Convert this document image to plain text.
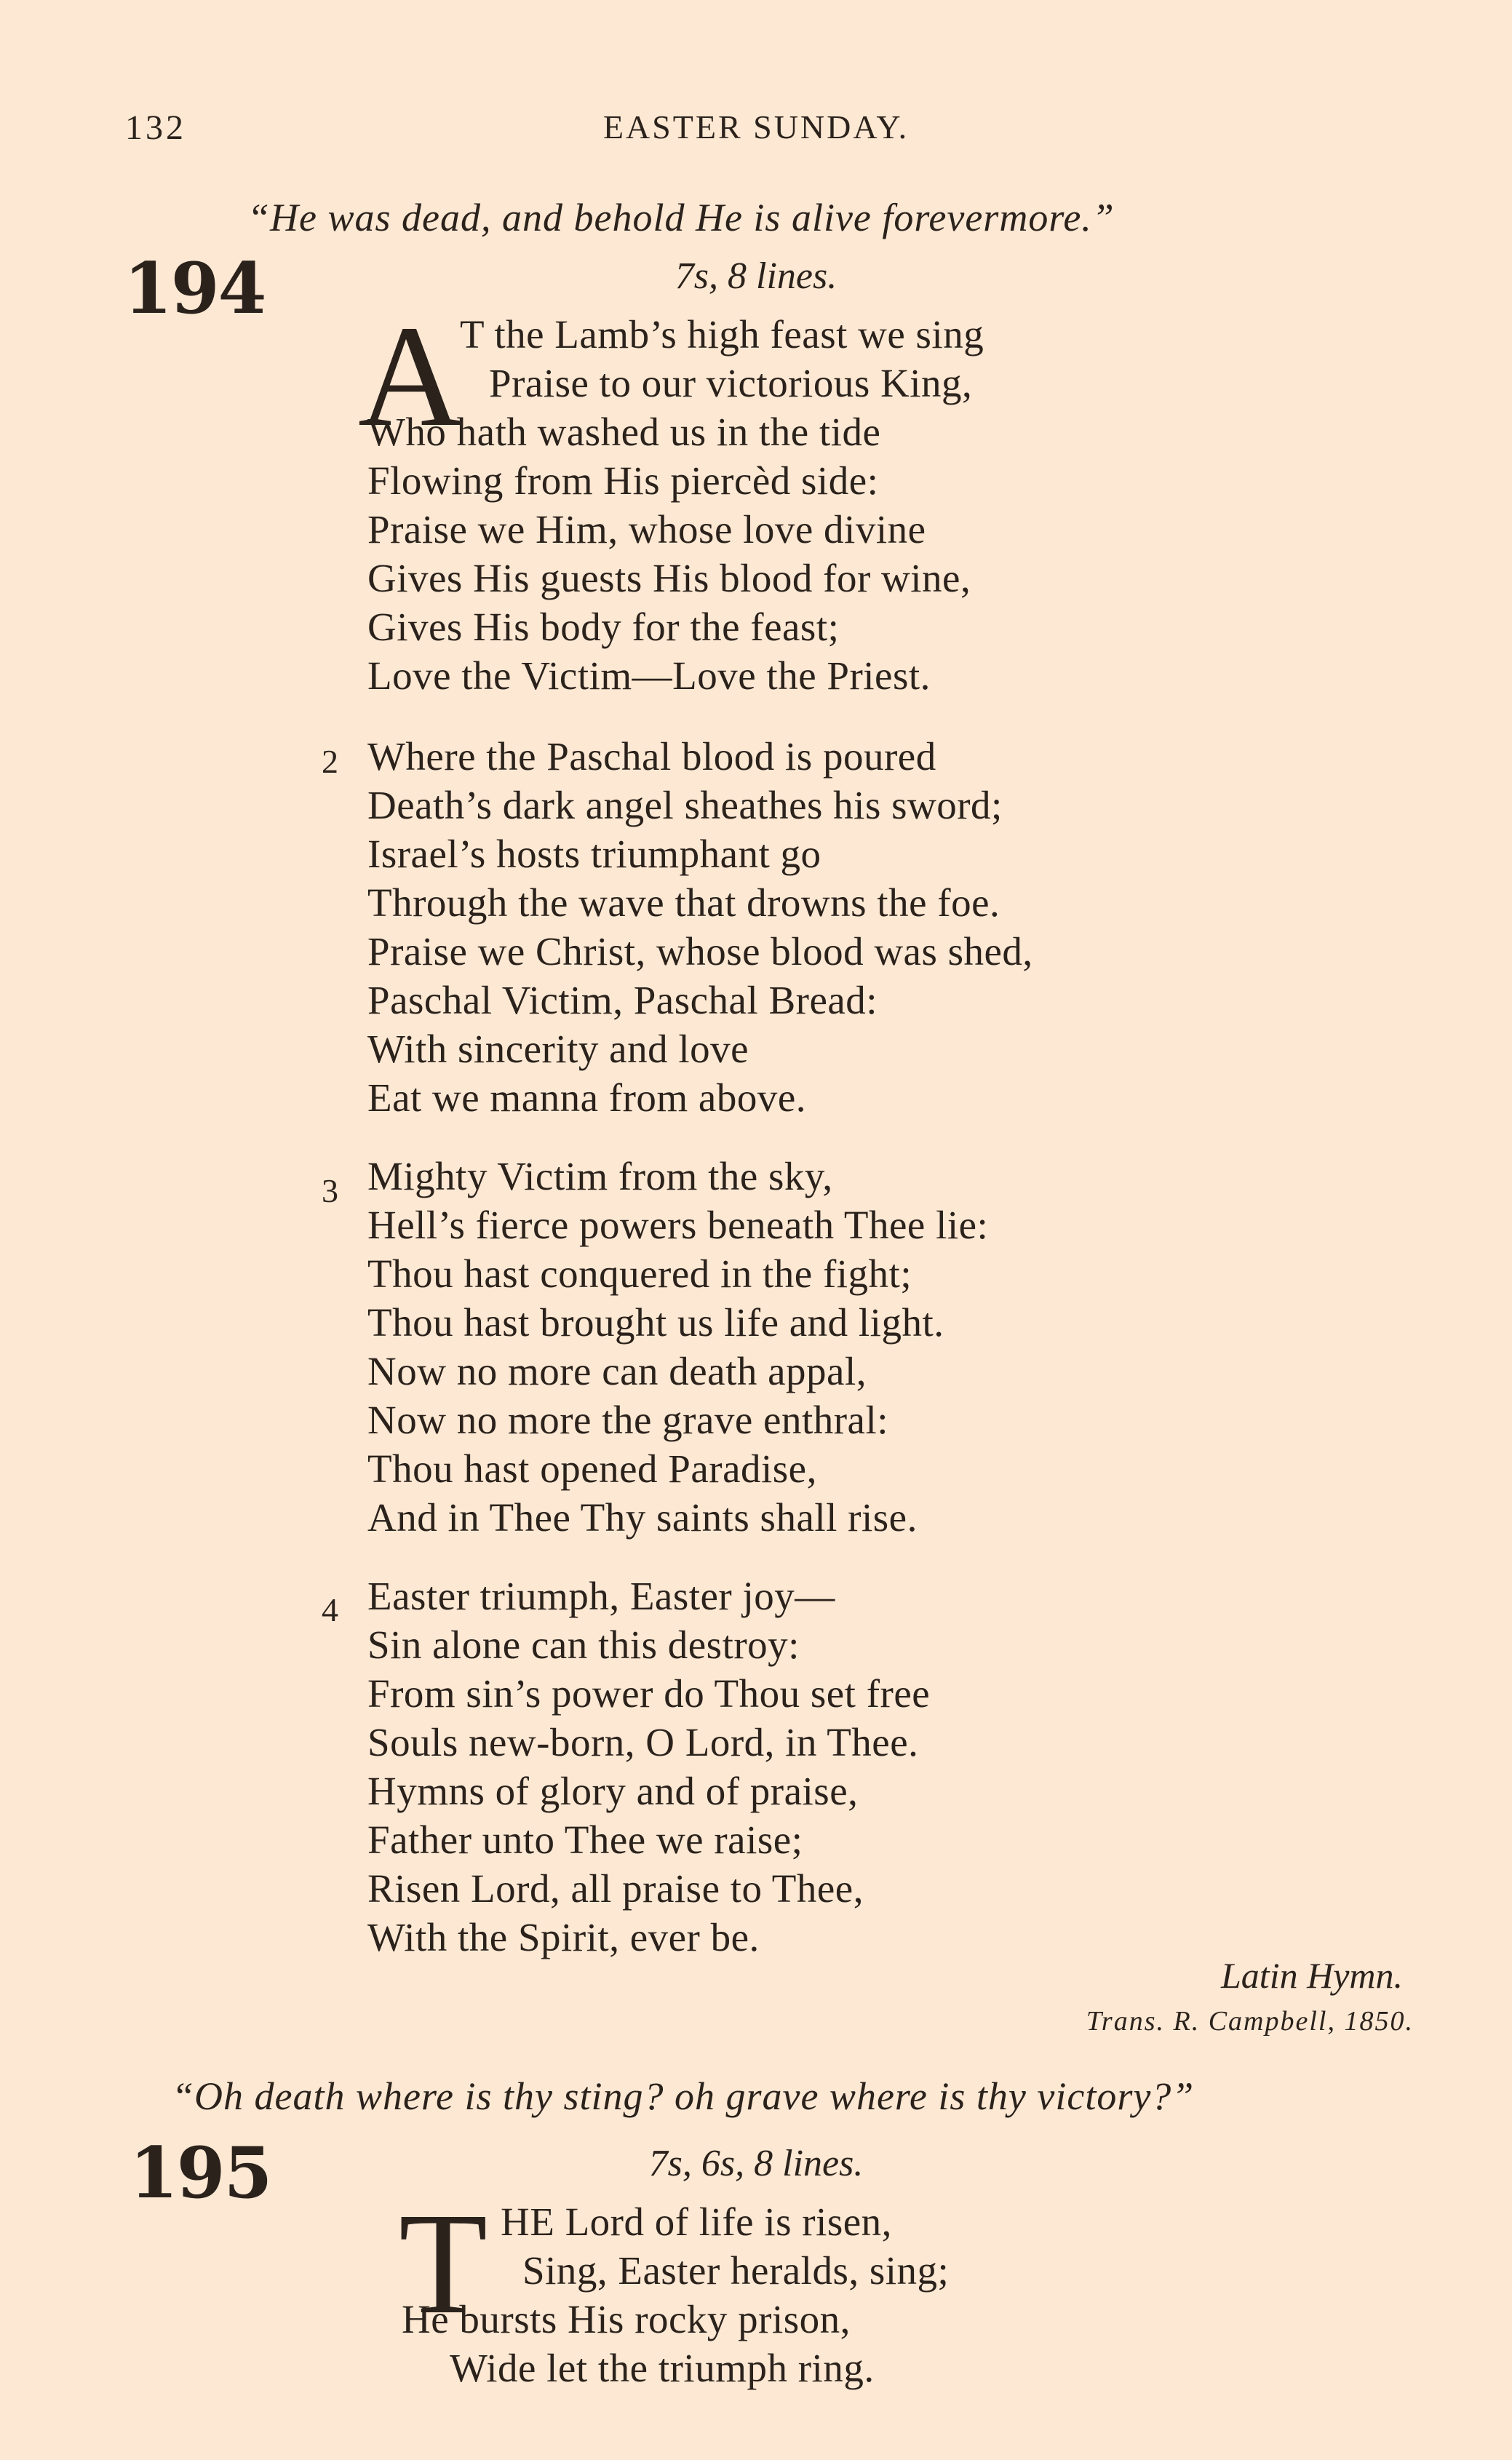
132	EASTER SUNDAY.
“He was dead, and behold He is alive forevermore.”
194	7s, 8 lines.
A
T the Lamb’s high feast we sing
Praise to our victorious King,
Who hath washed us in the tide
Flowing from His piercèd side:
Praise we Him, whose love divine
Gives His guests His blood for wine,
Gives His body for the feast;
Love the Victim—Love the Priest.
2 Where the Paschal blood is poured
Death’s dark angel sheathes his sword;
Israel’s hosts triumphant go
Through the wave that drowns the foe.
Praise we Christ, whose blood was shed,
Paschal Victim, Paschal Bread:
With sincerity and love
Eat we manna from above.
3 Mighty Victim from the sky,
Hell’s fierce powers beneath Thee lie:
Thou hast conquered in the fight;
Thou hast brought us life and light.
Now no more can death appal,
Now no more the grave enthral:
Thou hast opened Paradise,
And in Thee Thy saints shall rise.
4 Easter triumph, Easter joy—
Sin alone can this destroy:
From sin’s power do Thou set free
Souls new-born, O Lord, in Thee.
Hymns of glory and of praise,
Father unto Thee we raise;
Risen Lord, all praise to Thee,
With the Spirit, ever be.
Latin Hymn.
Trans. R. Campbell, 1850.
“Oh death where is thy sting? oh grave where is thy victory?”
195	7s, 6s, 8 lines.
T HE Lord of life is risen,
Sing, Easter heralds, sing;
He bursts His rocky prison,
Wide let the triumph ring.
